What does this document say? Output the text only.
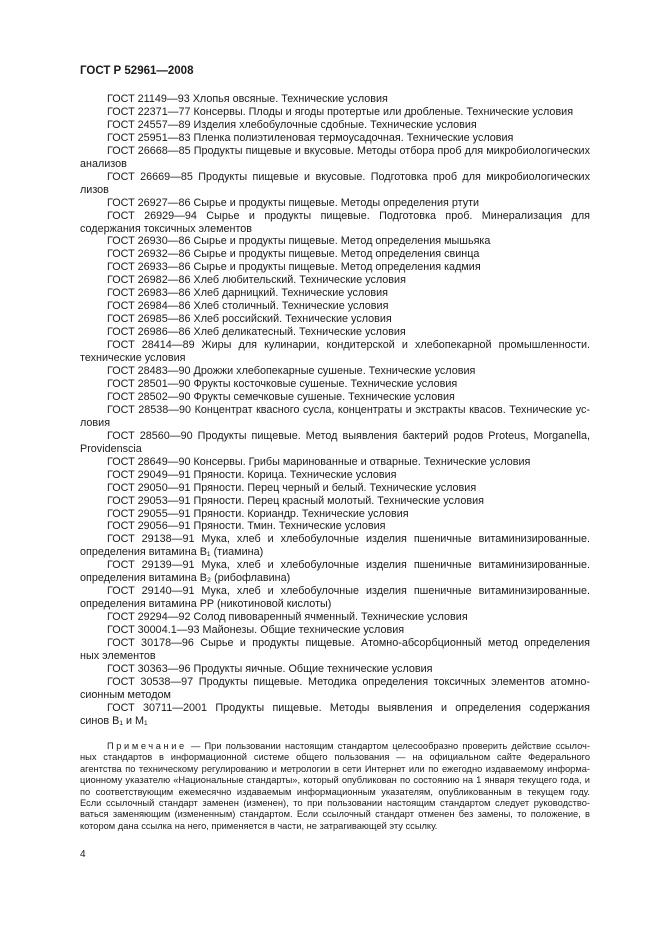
ГОСТ Р 52961—2008
ГОСТ 21149—93 Хлопья овсяные. Технические условия
ГОСТ 22371—77 Консервы. Плоды и ягоды протертые или дробленые. Технические условия
ГОСТ 24557—89 Изделия хлебобулочные сдобные. Технические условия
ГОСТ 25951—83 Пленка полиэтиленовая термоусадочная. Технические условия
ГОСТ 26668—85 Продукты пищевые и вкусовые. Методы отбора проб для микробиологических
анализов
ГОСТ 26669—85 Продукты пищевые и вкусовые. Подготовка проб для микробиологических
лизов
ГОСТ 26927—86 Сырье и продукты пищевые. Методы определения ртути
ГОСТ 26929—94 Сырье и продукты пищевые. Подготовка проб. Минерализация для
содержания токсичных элементов
ГОСТ 26930—86 Сырье и продукты пищевые. Метод определения мышьяка
ГОСТ 26932—86 Сырье и продукты пищевые. Метод определения свинца
ГОСТ 26933—86 Сырье и продукты пищевые. Метод определения кадмия
ГОСТ 26982—86 Хлеб любительский. Технические условия
ГОСТ 26983—86 Хлеб дарницкий. Технические условия
ГОСТ 26984—86 Хлеб столичный. Технические условия
ГОСТ 26985—86 Хлеб российский. Технические условия
ГОСТ 26986—86 Хлеб деликатесный. Технические условия
ГОСТ 28414—89 Жиры для кулинарии, кондитерской и хлебопекарной промышленности.
технические условия
ГОСТ 28483—90 Дрожжи хлебопекарные сушеные. Технические условия
ГОСТ 28501—90 Фрукты косточковые сушеные. Технические условия
ГОСТ 28502—90 Фрукты семечковые сушеные. Технические условия
ГОСТ 28538—90 Концентрат квасного сусла, концентраты и экстракты квасов. Технические ус-
ловия
ГОСТ 28560—90 Продукты пищевые. Метод выявления бактерий родов Proteus, Morganella,
Providenscia
ГОСТ 28649—90 Консервы. Грибы маринованные и отварные. Технические условия
ГОСТ 29049—91 Пряности. Корица. Технические условия
ГОСТ 29050—91 Пряности. Перец черный и белый. Технические условия
ГОСТ 29053—91 Пряности. Перец красный молотый. Технические условия
ГОСТ 29055—91 Пряности. Кориандр. Технические условия
ГОСТ 29056—91 Пряности. Тмин. Технические условия
ГОСТ 29138—91 Мука, хлеб и хлебобулочные изделия пшеничные витаминизированные.
определения витамина B₁ (тиамина)
ГОСТ 29139—91 Мука, хлеб и хлебобулочные изделия пшеничные витаминизированные.
определения витамина B₂ (рибофлавина)
ГОСТ 29140—91 Мука, хлеб и хлебобулочные изделия пшеничные витаминизированные.
определения витамина PP (никотиновой кислоты)
ГОСТ 29294—92 Солод пивоваренный ячменный. Технические условия
ГОСТ 30004.1—93 Майонезы. Общие технические условия
ГОСТ 30178—96 Сырье и продукты пищевые. Атомно-абсорбционный метод определения
ных элементов
ГОСТ 30363—96 Продукты яичные. Общие технические условия
ГОСТ 30538—97 Продукты пищевые. Методика определения токсичных элементов атомно-
сионным методом
ГОСТ 30711—2001 Продукты пищевые. Методы выявления и определения содержания
синов B₁ и M₁
Примечание — При пользовании настоящим стандартом целесообразно проверить действие ссылоч-
ных стандартов в информационной системе общего пользования — на официальном сайте Федерального
агентства по техническому регулированию и метрологии в сети Интернет или по ежегодно издаваемому информа-
ционному указателю «Национальные стандарты», который опубликован по состоянию на 1 января текущего года, и
по соответствующим ежемесячно издаваемым информационным указателям, опубликованным в текущем году.
Если ссылочный стандарт заменен (изменен), то при пользовании настоящим стандартом следует руководство-
ваться заменяющим (измененным) стандартом. Если ссылочный стандарт отменен без замены, то положение, в
котором дана ссылка на него, применяется в части, не затрагивающей эту ссылку.
4
